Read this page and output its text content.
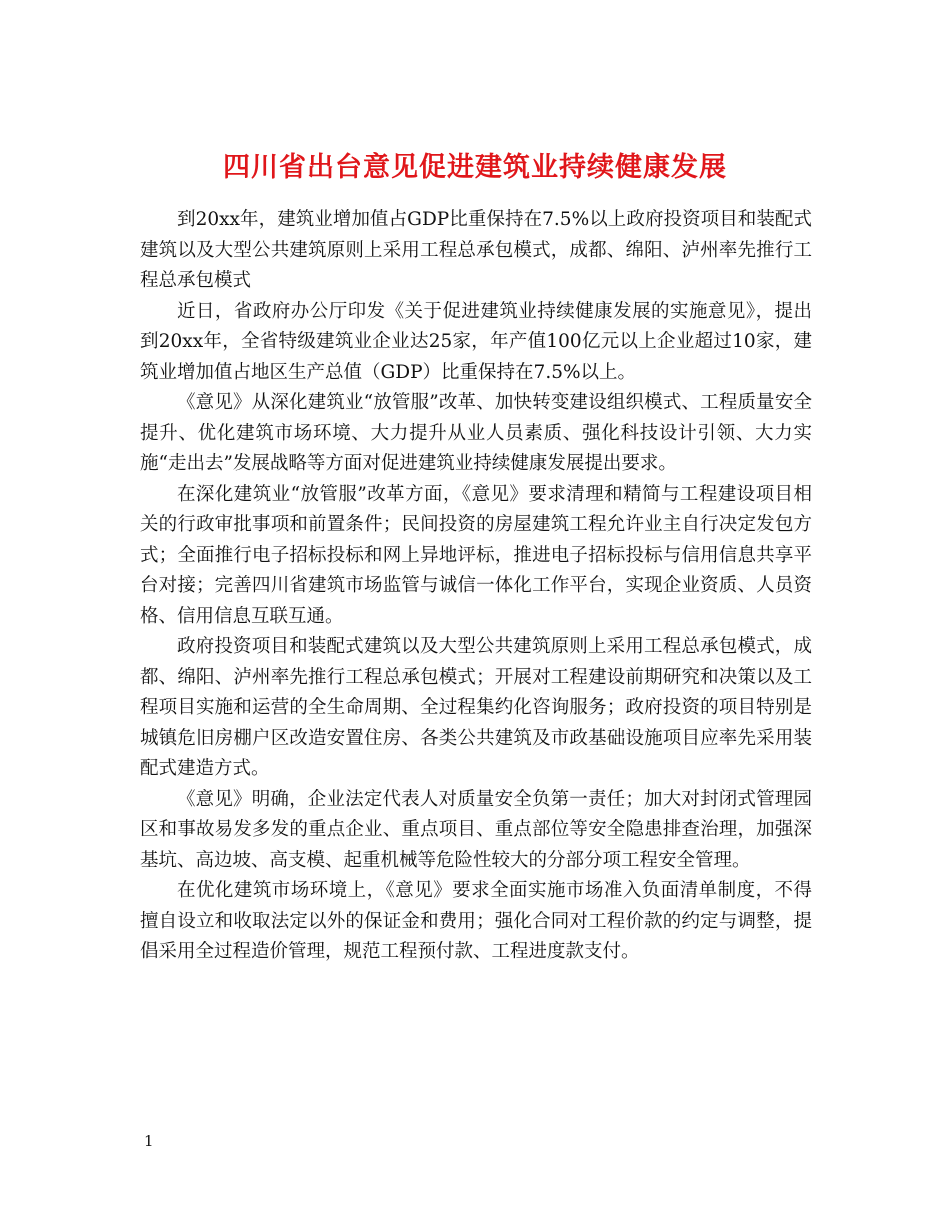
四川省出台意见促进建筑业持续健康发展

到20xx年，建筑业增加值占GDP比重保持在7.5%以上政府投资项目和装配式建筑以及大型公共建筑原则上采用工程总承包模式，成都、绵阳、泸州率先推行工程总承包模式

近日，省政府办公厅印发《关于促进建筑业持续健康发展的实施意见》，提出到20xx年，全省特级建筑业企业达25家，年产值100亿元以上企业超过10家，建筑业增加值占地区生产总值（GDP）比重保持在7.5%以上。

《意见》从深化建筑业“放管服”改革、加快转变建设组织模式、工程质量安全提升、优化建筑市场环境、大力提升从业人员素质、强化科技设计引领、大力实施“走出去”发展战略等方面对促进建筑业持续健康发展提出要求。

在深化建筑业“放管服”改革方面，《意见》要求清理和精简与工程建设项目相关的行政审批事项和前置条件；民间投资的房屋建筑工程允许业主自行决定发包方式；全面推行电子招标投标和网上异地评标，推进电子招标投标与信用信息共享平台对接；完善四川省建筑市场监管与诚信一体化工作平台，实现企业资质、人员资格、信用信息互联互通。

政府投资项目和装配式建筑以及大型公共建筑原则上采用工程总承包模式，成都、绵阳、泸州率先推行工程总承包模式；开展对工程建设前期研究和决策以及工程项目实施和运营的全生命周期、全过程集约化咨询服务；政府投资的项目特别是城镇危旧房棚户区改造安置住房、各类公共建筑及市政基础设施项目应率先采用装配式建造方式。

《意见》明确，企业法定代表人对质量安全负第一责任；加大对封闭式管理园区和事故易发多发的重点企业、重点项目、重点部位等安全隐患排查治理，加强深基坑、高边坡、高支模、起重机械等危险性较大的分部分项工程安全管理。

在优化建筑市场环境上，《意见》要求全面实施市场准入负面清单制度，不得擅自设立和收取法定以外的保证金和费用；强化合同对工程价款的约定与调整，提倡采用全过程造价管理，规范工程预付款、工程进度款支付。

1
